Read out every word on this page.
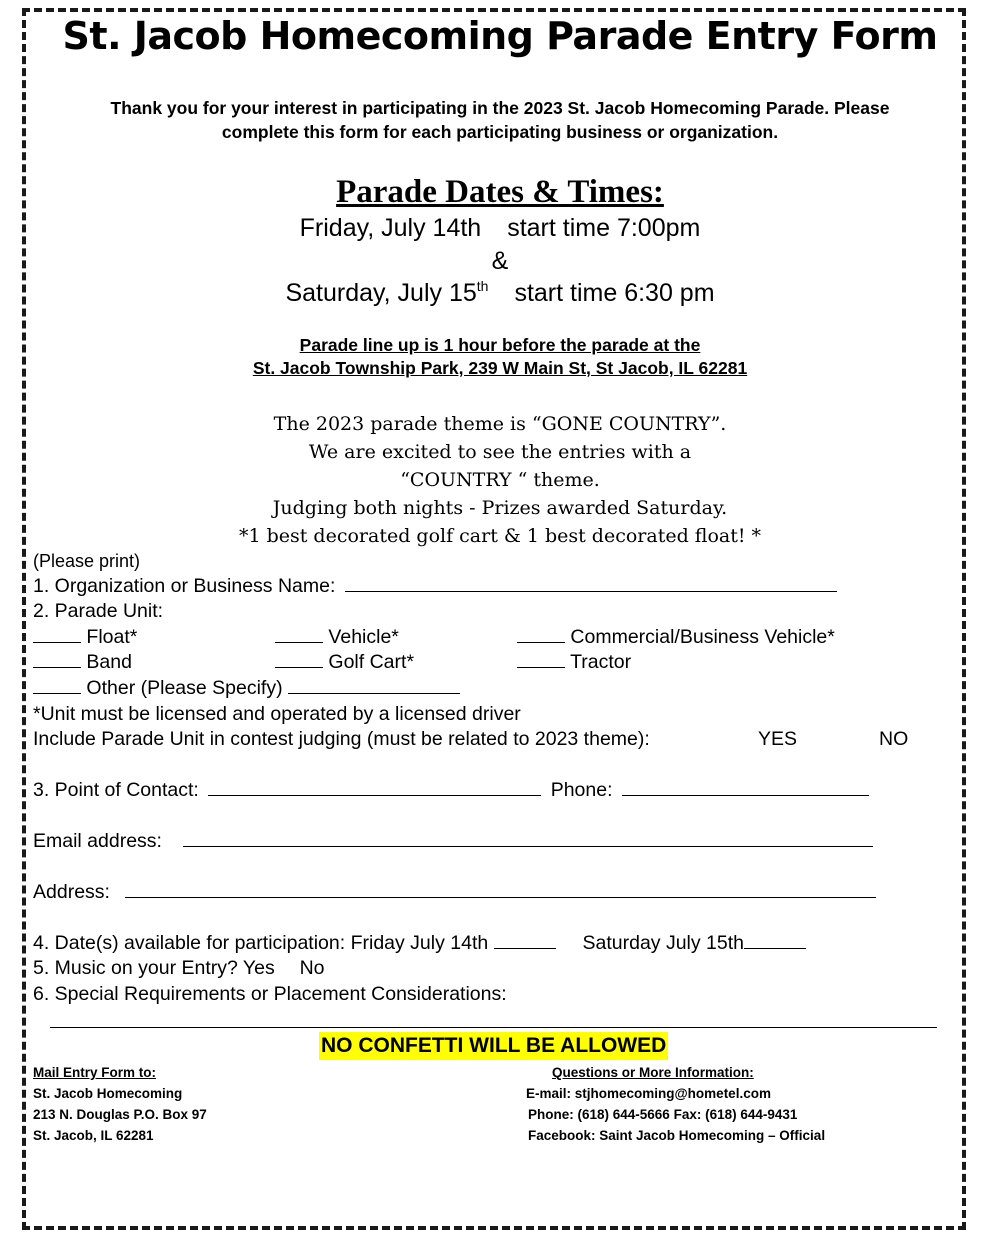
St. Jacob Homecoming Parade Entry Form
Thank you for your interest in participating in the 2023 St. Jacob Homecoming Parade. Please
complete this form for each participating business or organization.
Parade Dates & Times:
Friday, July 14th start time 7:00pm
&
Saturday, July 15th start time 6:30 pm
Parade line up is 1 hour before the parade at the
St. Jacob Township Park, 239 W Main St, St Jacob, IL 62281
The 2023 parade theme is “GONE COUNTRY”.
We are excited to see the entries with a
“COUNTRY “ theme.
Judging both nights - Prizes awarded Saturday.
*1 best decorated golf cart & 1 best decorated float! *
(Please print)
1. Organization or Business Name:
2. Parade Unit:
Float*	Vehicle*	Commercial/Business Vehicle*
Band	Golf Cart*	Tractor
Other (Please Specify)
*Unit must be licensed and operated by a licensed driver
Include Parade Unit in contest judging (must be related to 2023 theme):	YES	NO
3. Point of Contact:	Phone:
Email address:
Address:
4. Date(s) available for participation: Friday July 14th	Saturday July 15th
5. Music on your Entry? Yes No
6. Special Requirements or Placement Considerations:
NO CONFETTI WILL BE ALLOWED
Mail Entry Form to:
St. Jacob Homecoming
213 N. Douglas P.O. Box 97
St. Jacob, IL 62281
Questions or More Information:
E-mail: stjhomecoming@hometel.com
Phone: (618) 644-5666 Fax: (618) 644-9431
Facebook: Saint Jacob Homecoming – Official
